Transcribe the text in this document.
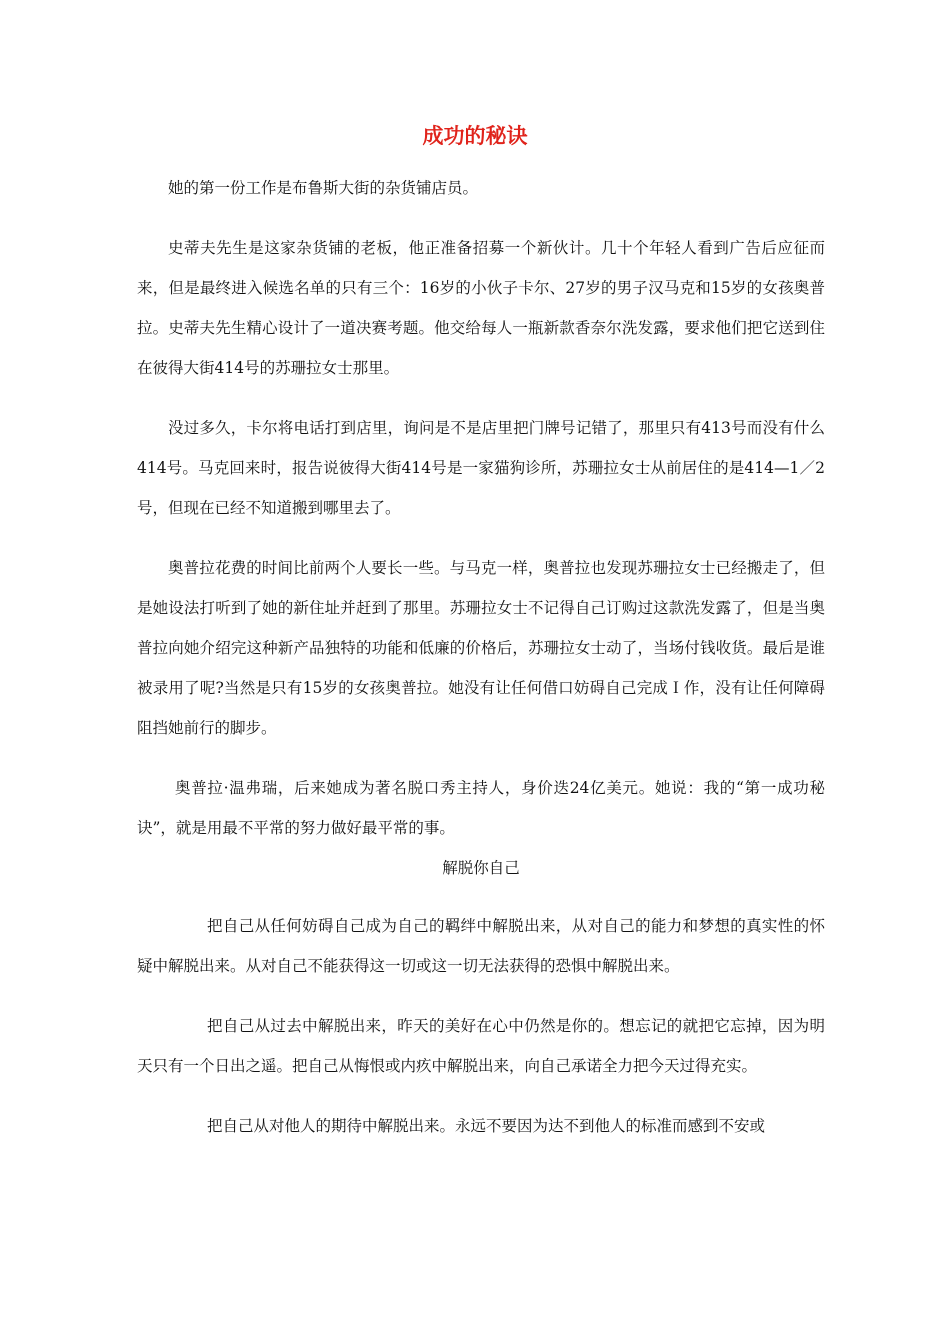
成功的秘诀

她的第一份工作是布鲁斯大街的杂货铺店员。

史蒂夫先生是这家杂货铺的老板，他正准备招募一个新伙计。几十个年轻人看到广告后应征而来，但是最终进入候选名单的只有三个：16岁的小伙子卡尔、27岁的男子汉马克和15岁的女孩奥普拉。史蒂夫先生精心设计了一道决赛考题。他交给每人一瓶新款香奈尔洗发露，要求他们把它送到住在彼得大街414号的苏珊拉女士那里。

没过多久，卡尔将电话打到店里，询问是不是店里把门牌号记错了，那里只有413号而没有什么414号。马克回来时，报告说彼得大街414号是一家猫狗诊所，苏珊拉女士从前居住的是414—1／2号，但现在已经不知道搬到哪里去了。

奥普拉花费的时间比前两个人要长一些。与马克一样，奥普拉也发现苏珊拉女士已经搬走了，但是她设法打听到了她的新住址并赶到了那里。苏珊拉女士不记得自己订购过这款洗发露了，但是当奥普拉向她介绍完这种新产品独特的功能和低廉的价格后，苏珊拉女士动了，当场付钱收货。最后是谁被录用了呢?当然是只有15岁的女孩奥普拉。她没有让任何借口妨碍自己完成Ｉ作，没有让任何障碍阻挡她前行的脚步。

奥普拉·温弗瑞，后来她成为著名脱口秀主持人，身价迭24亿美元。她说：我的“第一成功秘诀”，就是用最不平常的努力做好最平常的事。

解脱你自己

把自己从任何妨碍自己成为自己的羁绊中解脱出来，从对自己的能力和梦想的真实性的怀疑中解脱出来。从对自己不能获得这一切或这一切无法获得的恐惧中解脱出来。

把自己从过去中解脱出来，昨天的美好在心中仍然是你的。想忘记的就把它忘掉，因为明天只有一个日出之遥。把自己从悔恨或内疚中解脱出来，向自己承诺全力把今天过得充实。

把自己从对他人的期待中解脱出来。永远不要因为达不到他人的标准而感到不安或
